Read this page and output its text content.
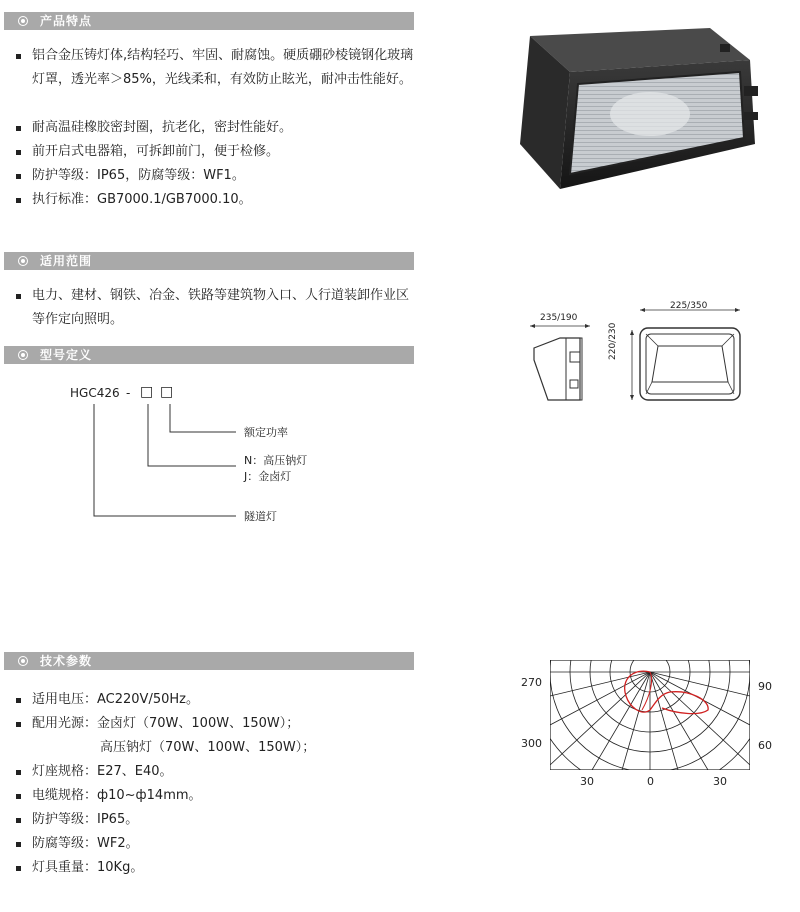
产品特点
铝合金压铸灯体,结构轻巧、牢固、耐腐蚀。硬质硼砂棱镜钢化玻璃灯罩，透光率＞85%，光线柔和，有效防止眩光，耐冲击性能好。
耐高温硅橡胶密封圈，抗老化，密封性能好。
前开启式电器箱，可拆卸前门，便于检修。
防护等级：IP65，防腐等级：WF1。
执行标准：GB7000.1/GB7000.10。
适用范围
电力、建材、钢铁、冶金、铁路等建筑物入口、人行道装卸作业区等作定向照明。
型号定义
HGC426 - □ □
额定功率
N：高压钠灯
J：金卤灯
隧道灯
技术参数
适用电压：AC220V/50Hz。
配用光源：金卤灯（70W、100W、150W）；
高压钠灯（70W、100W、150W）；
灯座规格：E27、E40。
电缆规格：ф10~ф14mm。
防护等级：IP65。
防腐等级：WF2。
灯具重量：10Kg。
235/190
225/350
220/230
270
300
90
60
30	0	30
